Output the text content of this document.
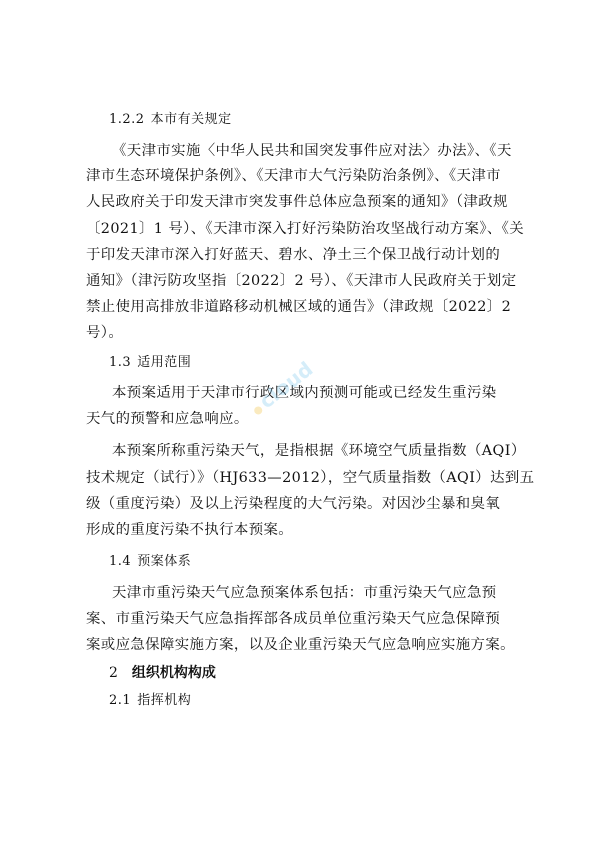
1.2.2 本市有关规定
《天津市实施〈中华人民共和国突发事件应对法〉办法》、《天
津市生态环境保护条例》、《天津市大气污染防治条例》、《天津市
人民政府关于印发天津市突发事件总体应急预案的通知》（津政规
〔2021〕1 号）、《天津市深入打好污染防治攻坚战行动方案》、《关
于印发天津市深入打好蓝天、碧水、净土三个保卫战行动计划的
通知》（津污防攻坚指〔2022〕2 号）、《天津市人民政府关于划定
禁止使用高排放非道路移动机械区域的通告》（津政规〔2022〕2
号）。
1.3 适用范围
本预案适用于天津市行政区域内预测可能或已经发生重污染
天气的预警和应急响应。
本预案所称重污染天气，是指根据《环境空气质量指数（AQI）
技术规定（试行）》（HJ633—2012），空气质量指数（AQI）达到五
级（重度污染）及以上污染程度的大气污染。对因沙尘暴和臭氧
形成的重度污染不执行本预案。
1.4 预案体系
天津市重污染天气应急预案体系包括：市重污染天气应急预
案、市重污染天气应急指挥部各成员单位重污染天气应急保障预
案或应急保障实施方案，以及企业重污染天气应急响应实施方案。
2 组织机构构成
2.1 指挥机构
cloud
